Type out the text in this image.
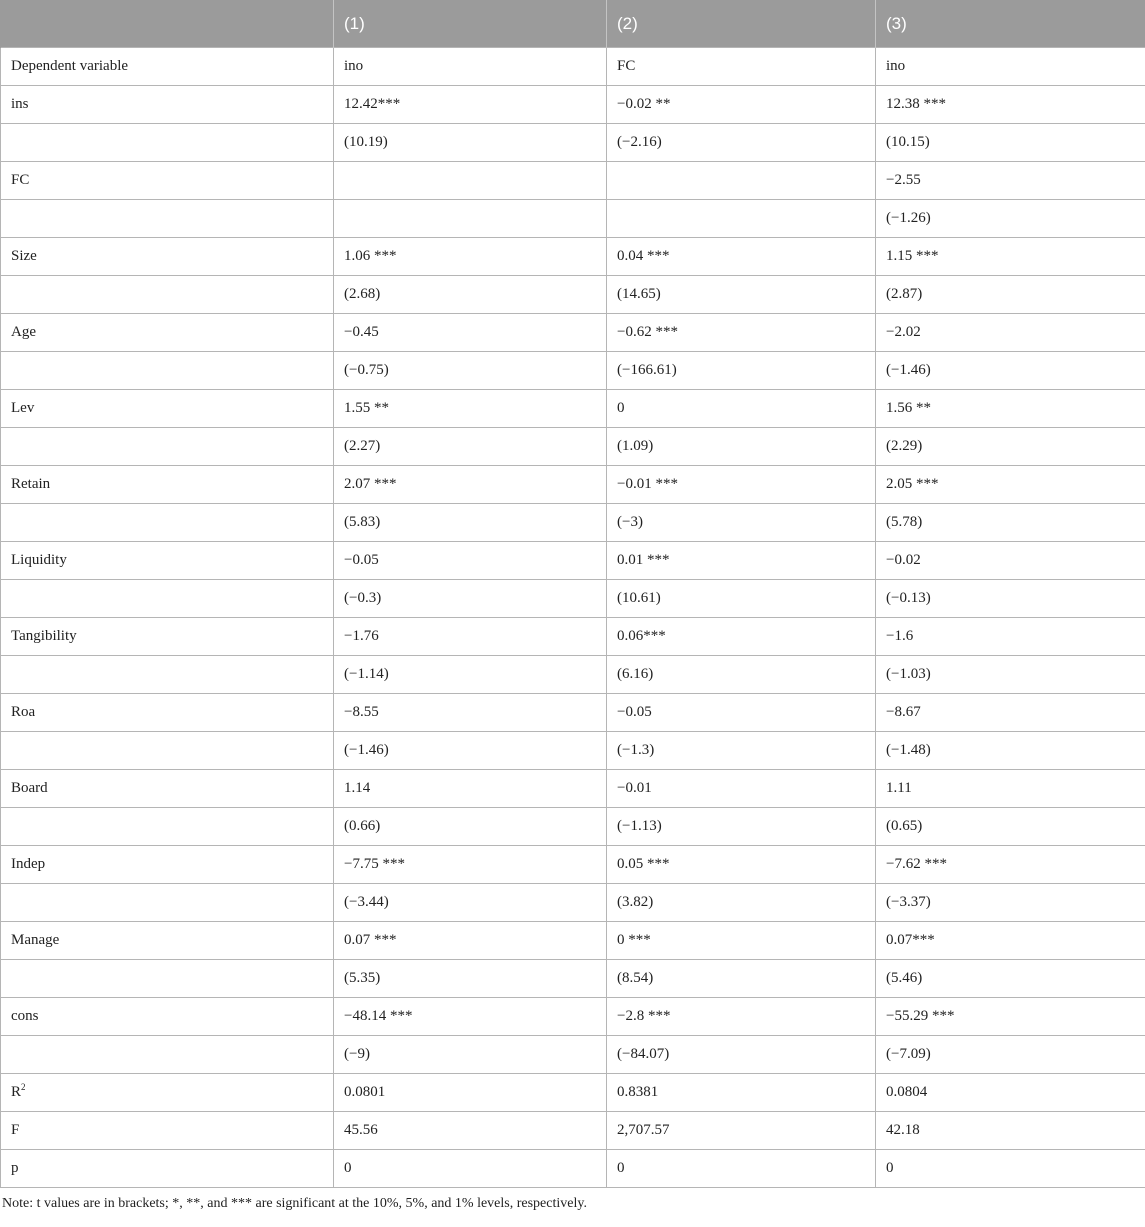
	(1)	(2)	(3)
Dependent variable	ino	FC	ino
ins	12.42***	−0.02 **	12.38 ***
	(10.19)	(−2.16)	(10.15)
FC			−2.55
			(−1.26)
Size	1.06 ***	0.04 ***	1.15 ***
	(2.68)	(14.65)	(2.87)
Age	−0.45	−0.62 ***	−2.02
	(−0.75)	(−166.61)	(−1.46)
Lev	1.55 **	0	1.56 **
	(2.27)	(1.09)	(2.29)
Retain	2.07 ***	−0.01 ***	2.05 ***
	(5.83)	(−3)	(5.78)
Liquidity	−0.05	0.01 ***	−0.02
	(−0.3)	(10.61)	(−0.13)
Tangibility	−1.76	0.06***	−1.6
	(−1.14)	(6.16)	(−1.03)
Roa	−8.55	−0.05	−8.67
	(−1.46)	(−1.3)	(−1.48)
Board	1.14	−0.01	1.11
	(0.66)	(−1.13)	(0.65)
Indep	−7.75 ***	0.05 ***	−7.62 ***
	(−3.44)	(3.82)	(−3.37)
Manage	0.07 ***	0 ***	0.07***
	(5.35)	(8.54)	(5.46)
cons	−48.14 ***	−2.8 ***	−55.29 ***
	(−9)	(−84.07)	(−7.09)
$R^2$	0.0801	0.8381	0.0804
F	45.56	2,707.57	42.18
p	0	0	0
Note: t values are in brackets; *, **, and *** are significant at the 10%, 5%, and 1% levels, respectively.
